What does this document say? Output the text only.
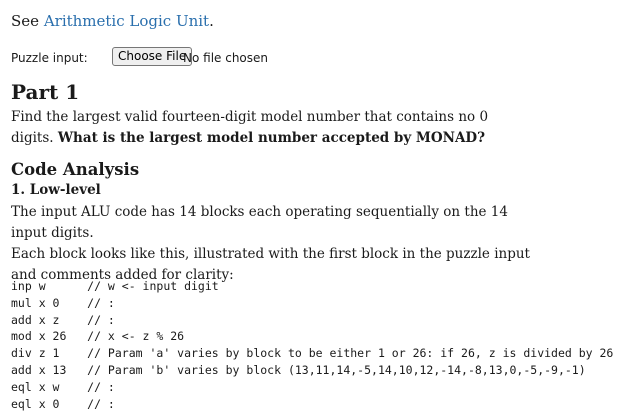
See Arithmetic Logic Unit.
Puzzle input:	Choose File
No file chosen
Part 1
Find the largest valid fourteen-digit model number that contains no 0 digits. What is the largest model number accepted by MONAD?
Code Analysis
1. Low-level

The input ALU code has 14 blocks each operating sequentially on the 14 input digits.

Each block looks like this, illustrated with the first block in the puzzle input and comments added for clarity:

inp w      // w <- input digit
mul x 0    // :
add x z    // :
mod x 26   // x <- z % 26
div z 1    // Param 'a' varies by block to be either 1 or 26: if 26, z is divided by 26
add x 13   // Param 'b' varies by block (13,11,14,-5,14,10,12,-14,-8,13,0,-5,-9,-1)
eql x w    // :
eql x 0    // :
